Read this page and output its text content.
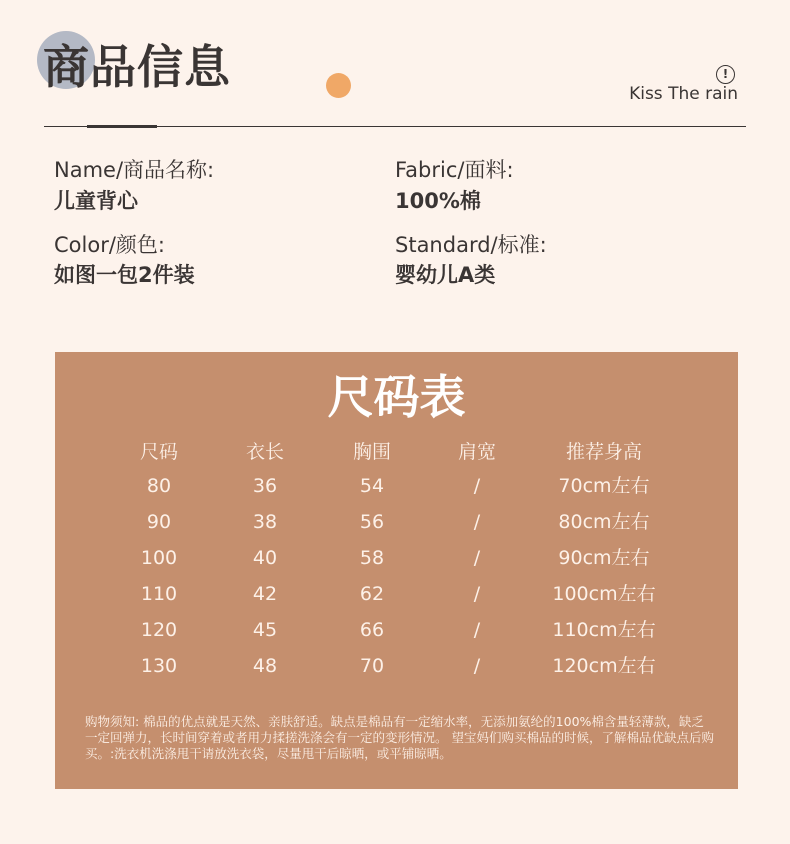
商品信息	!
Kiss The rain
Name/商品名称:
儿童背心
Fabric/面料:
100%棉
Color/颜色:
如图一包2件装
Standard/标准:
婴幼儿A类
尺码表
尺码	衣长	胸围	肩宽	推荐身高
80	36	54	/	70cm左右
90	38	56	/	80cm左右
100	40	58	/	90cm左右
110	42	62	/	100cm左右
120	45	66	/	110cm左右
130	48	70	/	120cm左右
购物须知: 棉品的优点就是天然、亲肤舒适。缺点是棉品有一定缩水率，无添加氨纶的100%棉含量轻薄款，缺乏一定回弹力，长时间穿着或者用力揉搓洗涤会有一定的变形情况。 望宝妈们购买棉品的时候，了解棉品优缺点后购买。:洗衣机洗涤甩干请放洗衣袋，尽量甩干后晾晒，或平铺晾晒。
